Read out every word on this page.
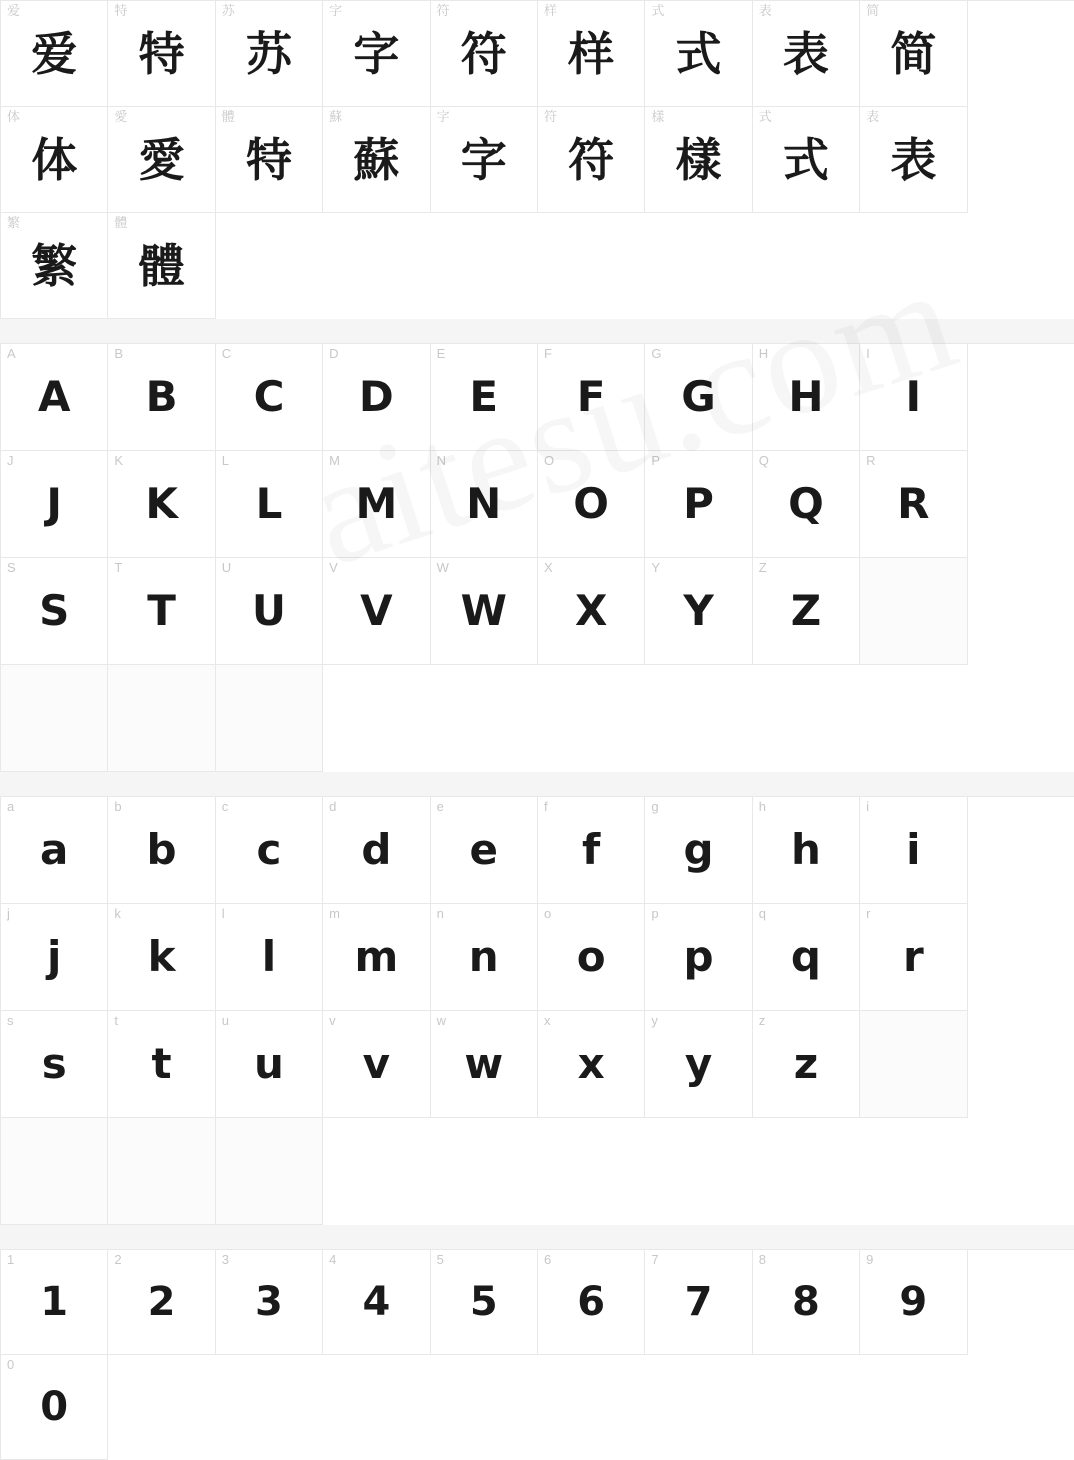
爱
爱
特
特
苏
苏
字
字
符
符
样
样
式
式
表
表
简
简
体
体
愛
愛
體
特
蘇
蘇
字
字
符
符
樣
樣
式
式
表
表
繁
繁
體
體
A
A
B
B
C
C
D
D
E
E
F
F
G
G
H
H
I
I
J
J
K
K
L
L
M
M
N
N
O
O
P
P
Q
Q
R
R
S
S
T
T
U
U
V
V
W
W
X
X
Y
Y
Z
Z
a
a
b
b
c
c
d
d
e
e
f
f
g
g
h
h
i
i
j
j
k
k
l
l
m
m
n
n
o
o
p
p
q
q
r
r
s
s
t
t
u
u
v
v
w
w
x
x
y
y
z
z
1
1
2
2
3
3
4
4
5
5
6
6
7
7
8
8
9
9
0
0
